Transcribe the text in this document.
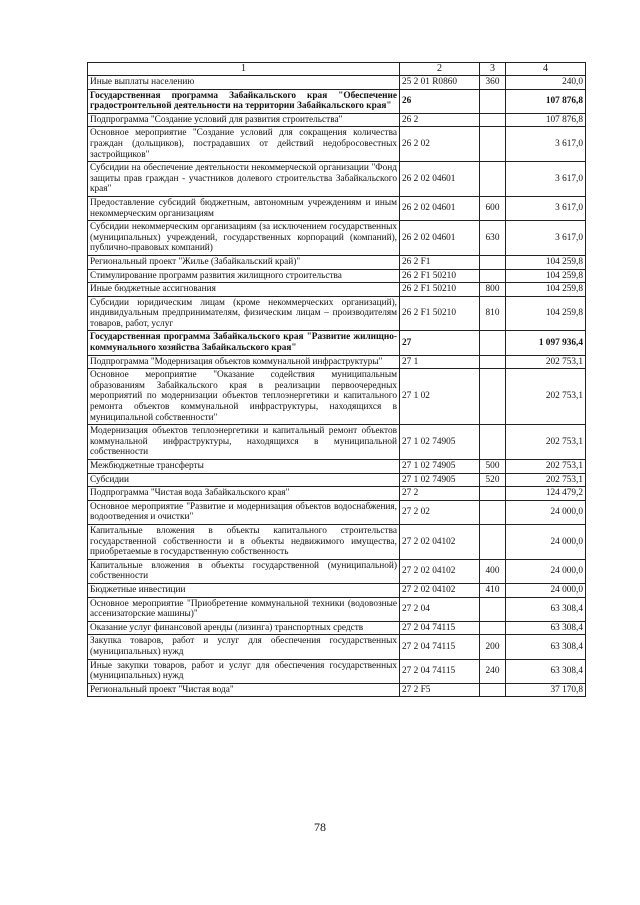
1	2	3	4
Иные выплаты населению	25 2 01 R0860	360	240,0
Государственная программа Забайкальского края "Обеспечение градостроительной деятельности на территории Забайкальского края"	26		107 876,8
Подпрограмма "Создание условий для развития строительства"	26 2		107 876,8
Основное мероприятие "Создание условий для сокращения количества граждан (дольщиков), пострадавших от действий недобросовестных застройщиков"	26 2 02		3 617,0
Субсидии на обеспечение деятельности некоммерческой организации "Фонд защиты прав граждан - участников долевого строительства Забайкальского края"	26 2 02 04601		3 617,0
Предоставление субсидий бюджетным, автономным учреждениям и иным некоммерческим организациям	26 2 02 04601	600	3 617,0
Субсидии некоммерческим организациям (за исключением государственных (муниципальных) учреждений, государственных корпораций (компаний), публично-правовых компаний)	26 2 02 04601	630	3 617,0
Региональный проект "Жилье (Забайкальский край)"	26 2 F1		104 259,8
Стимулирование программ развития жилищного строительства	26 2 F1 50210		104 259,8
Иные бюджетные ассигнования	26 2 F1 50210	800	104 259,8
Субсидии юридическим лицам (кроме некоммерческих организаций), индивидуальным предпринимателям, физическим лицам – производителям товаров, работ, услуг	26 2 F1 50210	810	104 259,8
Государственная программа Забайкальского края "Развитие жилищно-коммунального хозяйства Забайкальского края"	27		1 097 936,4
Подпрограмма "Модернизация объектов коммунальной инфраструктуры"	27 1		202 753,1
Основное мероприятие "Оказание содействия муниципальным образованиям Забайкальского края в реализации первоочередных мероприятий по модернизации объектов теплоэнергетики и капитального ремонта объектов коммунальной инфраструктуры, находящихся в муниципальной собственности"	27 1 02		202 753,1
Модернизация объектов теплоэнергетики и капитальный ремонт объектов коммунальной инфраструктуры, находящихся в муниципальной собственности	27 1 02 74905		202 753,1
Межбюджетные трансферты	27 1 02 74905	500	202 753,1
Субсидии	27 1 02 74905	520	202 753,1
Подпрограмма "Чистая вода Забайкальского края"	27 2		124 479,2
Основное мероприятие "Развитие и модернизация объектов водоснабжения, водоотведения и очистки"	27 2 02		24 000,0
Капитальные вложения в объекты капитального строительства государственной собственности и в объекты недвижимого имущества, приобретаемые в государственную собственность	27 2 02 04102		24 000,0
Капитальные вложения в объекты государственной (муниципальной) собственности	27 2 02 04102	400	24 000,0
Бюджетные инвестиции	27 2 02 04102	410	24 000,0
Основное мероприятие "Приобретение коммунальной техники (водовозные ассенизаторские машины)"	27 2 04		63 308,4
Оказание услуг финансовой аренды (лизинга) транспортных средств	27 2 04 74115		63 308,4
Закупка товаров, работ и услуг для обеспечения государственных (муниципальных) нужд	27 2 04 74115	200	63 308,4
Иные закупки товаров, работ и услуг для обеспечения государственных (муниципальных) нужд	27 2 04 74115	240	63 308,4
Региональный проект "Чистая вода"	27 2 F5		37 170,8
78
